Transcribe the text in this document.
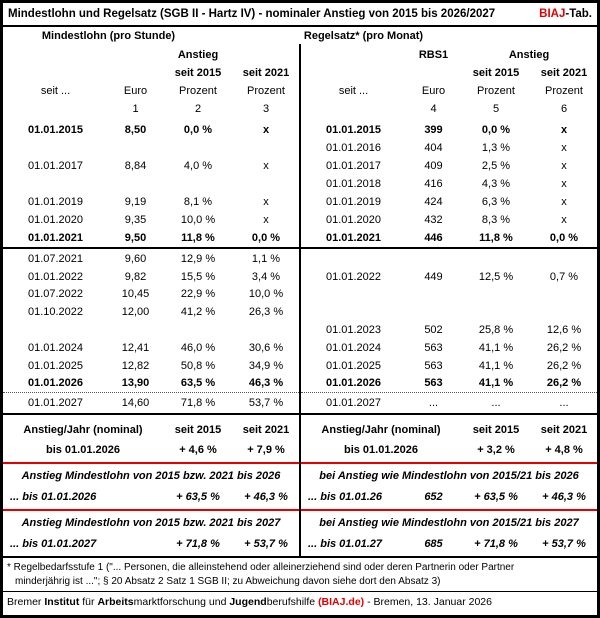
Mindestlohn und Regelsatz (SGB II - Hartz IV) - nominaler Anstieg von 2015 bis 2026/2027	BIAJ-Tab.
Mindestlohn (pro Stunde)	Regelsatz* (pro Monat)
Anstieg
seit 2015	seit 2021
seit ...	Euro	Prozent	Prozent
1	2	3
01.01.2015	8,50	0,0 %	x
01.01.2017	8,84	4,0 %	x
01.01.2019	9,19	8,1 %	x
01.01.2020	9,35	10,0 %	x
01.01.2021	9,50	11,8 %	0,0 %
01.07.2021	9,60	12,9 %	1,1 %
01.01.2022	9,82	15,5 %	3,4 %
01.07.2022	10,45	22,9 %	10,0 %
01.10.2022	12,00	41,2 %	26,3 %
01.01.2024	12,41	46,0 %	30,6 %
01.01.2025	12,82	50,8 %	34,9 %
01.01.2026	13,90	63,5 %	46,3 %
01.01.2027	14,60	71,8 %	53,7 %
Anstieg/Jahr (nominal)	seit 2015	seit 2021
bis 01.01.2026	+ 4,6 %	+ 7,9 %
Anstieg Mindestlohn von 2015 bzw. 2021 bis 2026
... bis 01.01.2026	+ 63,5 %	+ 46,3 %
Anstieg Mindestlohn von 2015 bzw. 2021 bis 2027
... bis 01.01.2027	+ 71,8 %	+ 53,7 %
RBS1	Anstieg
seit 2015	seit 2021
seit ...	Euro	Prozent	Prozent
4	5	6
01.01.2015	399	0,0 %	x
01.01.2016	404	1,3 %	x
01.01.2017	409	2,5 %	x
01.01.2018	416	4,3 %	x
01.01.2019	424	6,3 %	x
01.01.2020	432	8,3 %	x
01.01.2021	446	11,8 %	0,0 %
01.01.2022	449	12,5 %	0,7 %
01.01.2023	502	25,8 %	12,6 %
01.01.2024	563	41,1 %	26,2 %
01.01.2025	563	41,1 %	26,2 %
01.01.2026	563	41,1 %	26,2 %
01.01.2027	...	...	...
Anstieg/Jahr (nominal)	seit 2015	seit 2021
bis 01.01.2026	+ 3,2 %	+ 4,8 %
bei Anstieg wie Mindestlohn von 2015/21 bis 2026
... bis 01.01.26	652	+ 63,5 %	+ 46,3 %
bei Anstieg wie Mindestlohn von 2015/21 bis 2027
... bis 01.01.27	685	+ 71,8 %	+ 53,7 %
* Regelbedarfsstufe 1 ("... Personen, die alleinstehend oder alleinerziehend sind oder deren Partnerin oder Partner
minderjährig ist ..."; § 20 Absatz 2 Satz 1 SGB II; zu Abweichung davon siehe dort den Absatz 3)
Bremer Institut für Arbeitsmarktforschung und Jugendberufshilfe (BIAJ.de) - Bremen, 13. Januar 2026
